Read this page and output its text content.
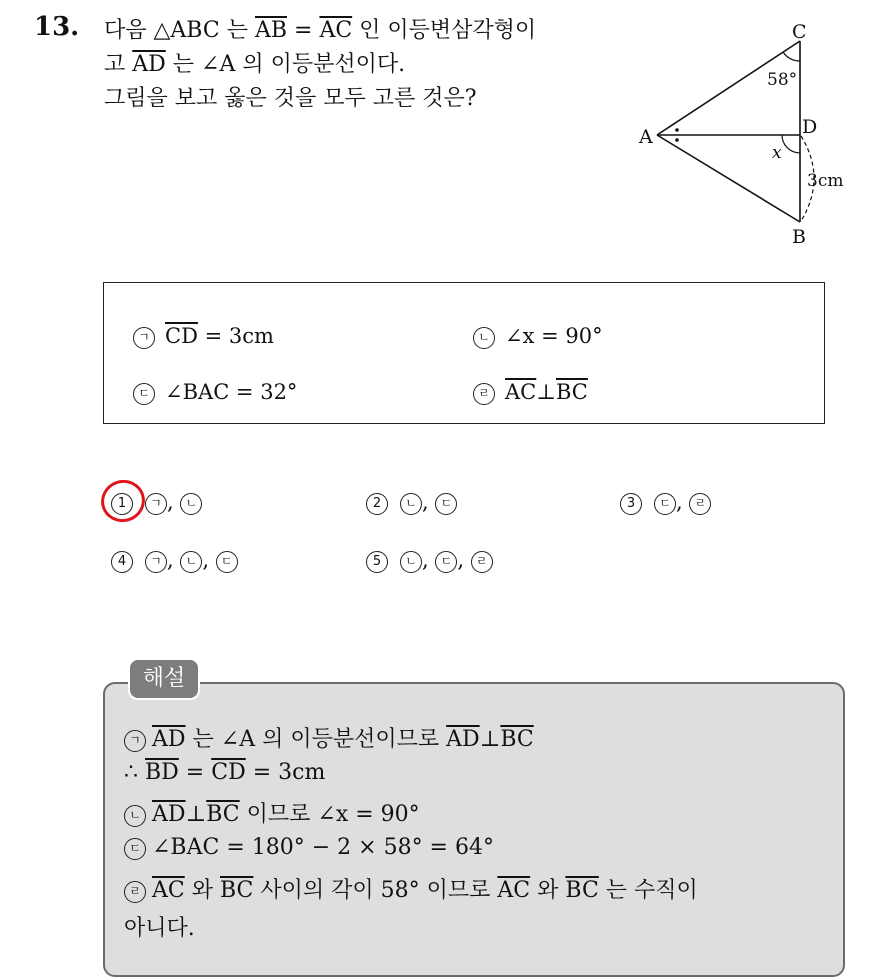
13. 다음 △ABC 는 $\overline{AB} = \overline{AC}$ 인 이등변삼각형이
고 $\overline{AD}$ 는 ∠A 의 이등분선이다.
그림을 보고 옳은 것을 모두 고른 것은?
A
C
D
B
58°
x
3cm
ㄱ $\overline{CD} = 3cm$	ㄴ ∠x = 90°
ㄷ ∠BAC = 32°	ㄹ $\overline{AC}\perp\overline{BC}$
1 ㄱ , ㄴ	2 ㄴ , ㄷ	3 ㄷ , ㄹ
4 ㄱ , ㄴ , ㄷ	5 ㄴ , ㄷ , ㄹ
해설
ㄱ $\overline{AD}$ 는 ∠A 의 이등분선이므로 $\overline{AD}\perp\overline{BC}$
∴ $\overline{BD} = \overline{CD} = 3cm$
ㄴ $\overline{AD}\perp\overline{BC}$ 이므로 ∠x = 90°
ㄷ ∠BAC = 180° − 2 × 58° = 64°
ㄹ $\overline{AC}$ 와 $\overline{BC}$ 사이의 각이 58° 이므로 $\overline{AC}$ 와 $\overline{BC}$ 는 수직이
아니다.
